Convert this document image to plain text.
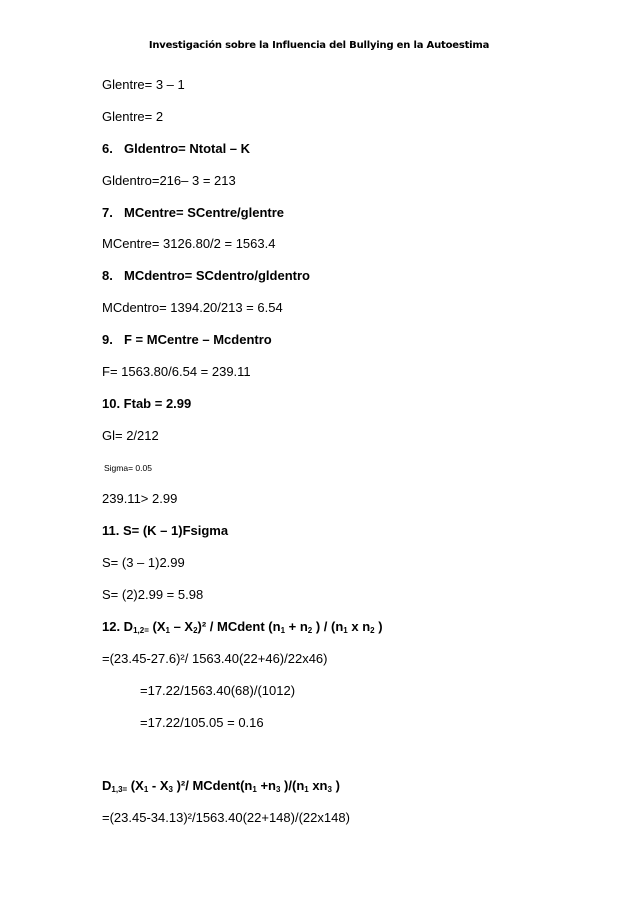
Investigación sobre la Influencia del Bullying en la Autoestima
Glentre= 3 – 1
Glentre= 2
6. Gldentro= Ntotal – K
Gldentro=216– 3 = 213
7. MCentre= SCentre/glentre
MCentre= 3126.80/2 = 1563.4
8. MCdentro= SCdentro/gldentro
MCdentro= 1394.20/213 = 6.54
9. F = MCentre – Mcdentro
F= 1563.80/6.54 = 239.11
10. Ftab = 2.99
Gl= 2/212
Sigma= 0.05
239.11> 2.99
11. S= (K – 1)Fsigma
S= (3 – 1)2.99
S= (2)2.99 = 5.98
12. $D_{1,2=}$ $(X_1 - X_2)^2$ / MCdent ($n_1 + n_2$ ) / ($n_1$ x $n_2$ )
=(23.45-27.6)²/ 1563.40(22+46)/22x46)
=17.22/1563.40(68)/(1012)
=17.22/105.05 = 0.16
$D_{1,3=}$ ($X_1 - X_3$ )²/ $MCdent(n_1 +n_3$ )$/(n_1$ $xn_3$ )
=(23.45-34.13)²/1563.40(22+148)/(22x148)
